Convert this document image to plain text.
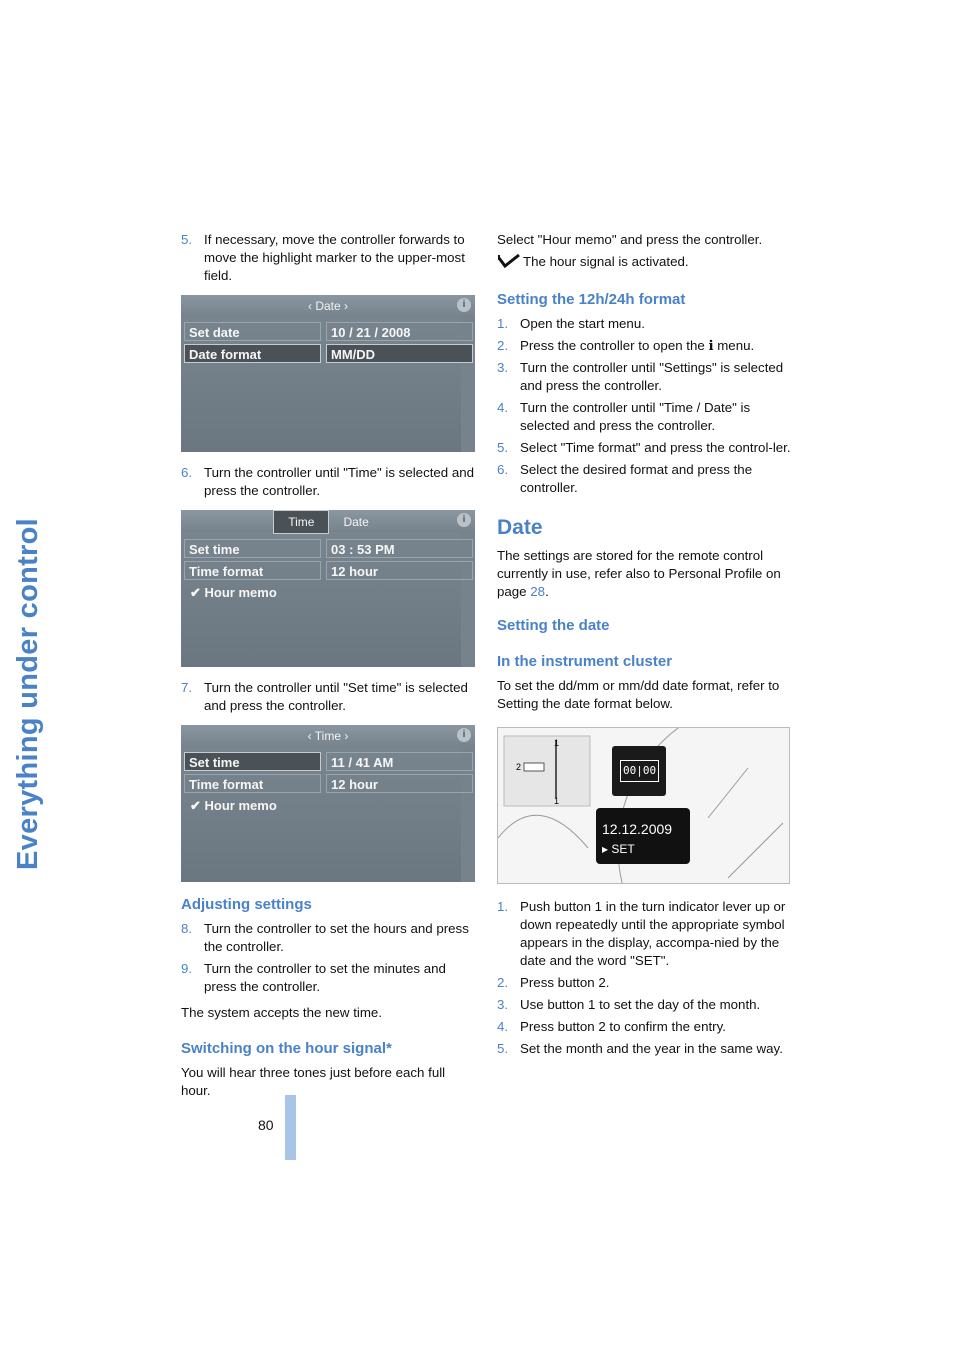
Everything under control
80
5. If necessary, move the controller forwards to move the highlight marker to the upper-most field.
‹ Date ›	i
Set date	10 / 21 / 2008
Date format	MM/DD
6. Turn the controller until "Time" is selected and press the controller.
Time Date	i
Set time	03 : 53 PM
Time format	12 hour
✔ Hour memo
7. Turn the controller until "Set time" is selected and press the controller.
‹ Time ›	i
Set time	11 / 41 AM
Time format	12 hour
✔ Hour memo
Adjusting settings
8. Turn the controller to set the hours and press the controller.
9. Turn the controller to set the minutes and press the controller.

The system accepts the new time.

Switching on the hour signal*

You will hear three tones just before each full hour.

Select "Hour memo" and press the controller.

The hour signal is activated.

Setting the 12h/24h format
1. Open the start menu.
2. Press the controller to open the ℹ menu.
3. Turn the controller until "Settings" is selected and press the controller.
4. Turn the controller until "Time / Date" is selected and press the controller.
5. Select "Time format" and press the control-ler.
6. Select the desired format and press the controller.
Date

The settings are stored for the remote control currently in use, refer also to Personal Profile on page 28.

Setting the date
In the instrument cluster

To set the dd/mm or mm/dd date format, refer to Setting the date format below.

1
1
2	00|00
12.12.2009
▸ SET
1. Push button 1 in the turn indicator lever up or down repeatedly until the appropriate symbol appears in the display, accompa-nied by the date and the word "SET".
2. Press button 2.
3. Use button 1 to set the day of the month.
4. Press button 2 to confirm the entry.
5. Set the month and the year in the same way.
